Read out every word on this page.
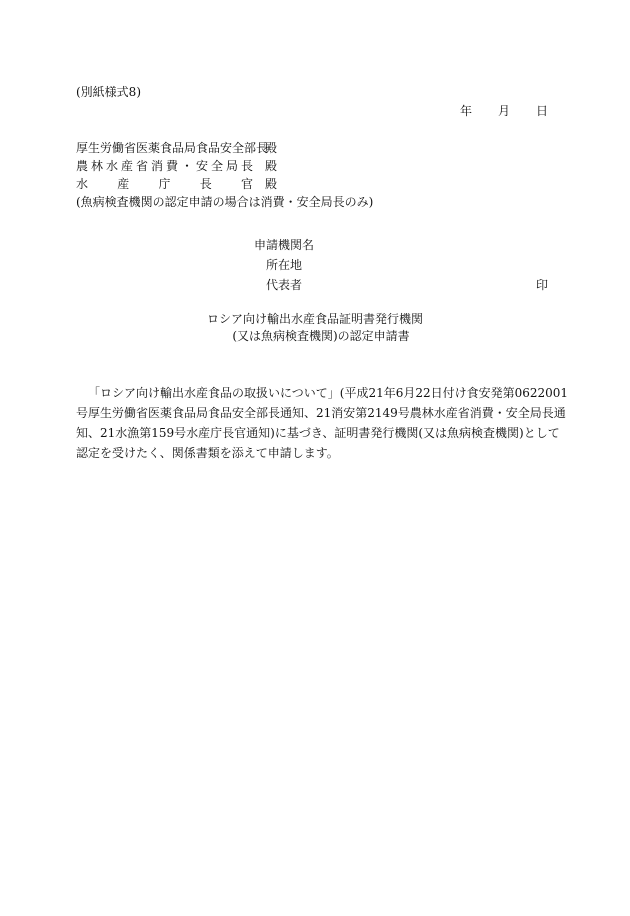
(別紙様式8)
年 月 日
厚生労働省医薬食品局食品安全部長殿
農林水産省消費・安全局長 殿
水産庁長官 殿
(魚病検査機関の認定申請の場合は消費・安全局長のみ)
申請機関名
所在地
代表者	印
ロシア向け輸出水産食品証明書発行機関
(又は魚病検査機関)の認定申請書
「ロシア向け輸出水産食品の取扱いについて」(平成21年6月22日付け食安発第0622001
号厚生労働省医薬食品局食品安全部長通知、21消安第2149号農林水産省消費・安全局長通
知、21水漁第159号水産庁長官通知)に基づき、証明書発行機関(又は魚病検査機関)として
認定を受けたく、関係書類を添えて申請します。
